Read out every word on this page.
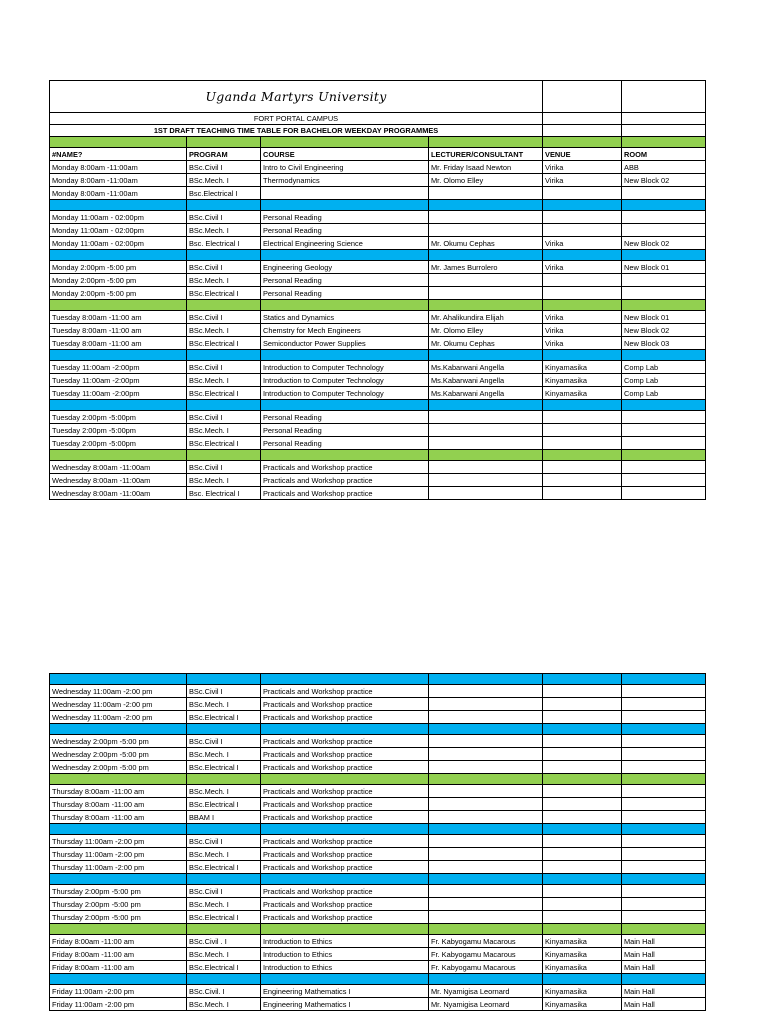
Uganda Martyrs University					
FORT PORTAL CAMPUS					
1ST DRAFT TEACHING TIME TABLE FOR BACHELOR WEEKDAY PROGRAMMES					

#NAME?	PROGRAM	COURSE	LECTURER/CONSULTANT	VENUE	ROOM
Monday 8:00am -11:00am	BSc.Civil I	Intro to Civil Engineering	Mr. Friday Isaad Newton	Virika	ABB
Monday 8:00am -11:00am	BSc.Mech. I	Thermodynamics	Mr. Olomo Elley	Virika	New Block 02
Monday 8:00am -11:00am	Bsc.Electrical I				

Monday 11:00am - 02:00pm	BSc.Civil I	Personal Reading			
Monday 11:00am - 02:00pm	BSc.Mech. I	Personal Reading			
Monday 11:00am - 02:00pm	Bsc. Electrical I	Electrical Engineering Science	Mr. Okumu Cephas	Virika	New Block 02

Monday 2:00pm -5:00 pm	BSc.Civil I	Engineering Geology	Mr. James Burrolero	Virika	New Block 01
Monday 2:00pm -5:00 pm	BSc.Mech. I	Personal Reading			
Monday 2:00pm -5:00 pm	BSc.Electrical I	Personal Reading			

Tuesday 8:00am -11:00 am	BSc.Civil I	Statics and Dynamics	Mr. Ahalikundira Elijah	Virika	New Block 01
Tuesday 8:00am -11:00 am	BSc.Mech. I	Chemstry for Mech Engineers	Mr. Olomo Elley	Virika	New Block 02
Tuesday 8:00am -11:00 am	BSc.Electrical I	Semiconductor Power Supplies	Mr. Okumu Cephas	Virika	New Block 03

Tuesday 11:00am -2:00pm	BSc.Civil I	Introduction to Computer Technology	Ms.Kabarwani Angella	Kinyamasika	Comp Lab
Tuesday 11:00am -2:00pm	BSc.Mech. I	Introduction to Computer Technology	Ms.Kabarwani Angella	Kinyamasika	Comp Lab
Tuesday 11:00am -2:00pm	BSc.Electrical I	Introduction to Computer Technology	Ms.Kabarwani Angella	Kinyamasika	Comp Lab

Tuesday 2:00pm -5:00pm	BSc.Civil I	Personal Reading			
Tuesday 2:00pm -5:00pm	BSc.Mech. I	Personal Reading			
Tuesday 2:00pm -5:00pm	BSc.Electrical I	Personal Reading			

Wednesday 8:00am -11:00am	BSc.Civil I	Practicals and Workshop practice			
Wednesday 8:00am -11:00am	BSc.Mech. I	Practicals and Workshop practice			
Wednesday 8:00am -11:00am	Bsc. Electrical I	Practicals and Workshop practice			

Wednesday 11:00am -2:00 pm	BSc.Civil I	Practicals and Workshop practice			
Wednesday 11:00am -2:00 pm	BSc.Mech. I	Practicals and Workshop practice			
Wednesday 11:00am -2:00 pm	BSc.Electrical I	Practicals and Workshop practice			

Wednesday 2:00pm -5:00 pm	BSc.Civil I	Practicals and Workshop practice			
Wednesday 2:00pm -5:00 pm	BSc.Mech. I	Practicals and Workshop practice			
Wednesday 2:00pm -5:00 pm	BSc.Electrical I	Practicals and Workshop practice			

Thursday 8:00am -11:00 am	BSc.Mech. I	Practicals and Workshop practice			
Thursday 8:00am -11:00 am	BSc.Electrical I	Practicals and Workshop practice			
Thursday 8:00am -11:00 am	BBAM I	Practicals and Workshop practice			

Thursday 11:00am -2:00 pm	BSc.Civil I	Practicals and Workshop practice			
Thursday 11:00am -2:00 pm	BSc.Mech. I	Practicals and Workshop practice			
Thursday 11:00am -2:00 pm	BSc.Electrical I	Practicals and Workshop practice			

Thursday 2:00pm -5:00 pm	BSc.Civil I	Practicals and Workshop practice			
Thursday 2:00pm -5:00 pm	BSc.Mech. I	Practicals and Workshop practice			
Thursday 2:00pm -5:00 pm	BSc.Electrical I	Practicals and Workshop practice			

Friday 8:00am -11:00 am	BSc.Civil . I	Introduction to Ethics	Fr. Kabyogamu Macarous	Kinyamasika	Main Hall
Friday 8:00am -11:00 am	BSc.Mech. I	Introduction to Ethics	Fr. Kabyogamu Macarous	Kinyamasika	Main Hall
Friday 8:00am -11:00 am	BSc.Electrical I	Introduction to Ethics	Fr. Kabyogamu Macarous	Kinyamasika	Main Hall

Friday 11:00am -2:00 pm	BSc.Civil. I	Engineering Mathematics I	Mr. Nyamigisa Leornard	Kinyamasika	Main Hall
Friday 11:00am -2:00 pm	BSc.Mech. I	Engineering Mathematics I	Mr. Nyamigisa Leornard	Kinyamasika	Main Hall
